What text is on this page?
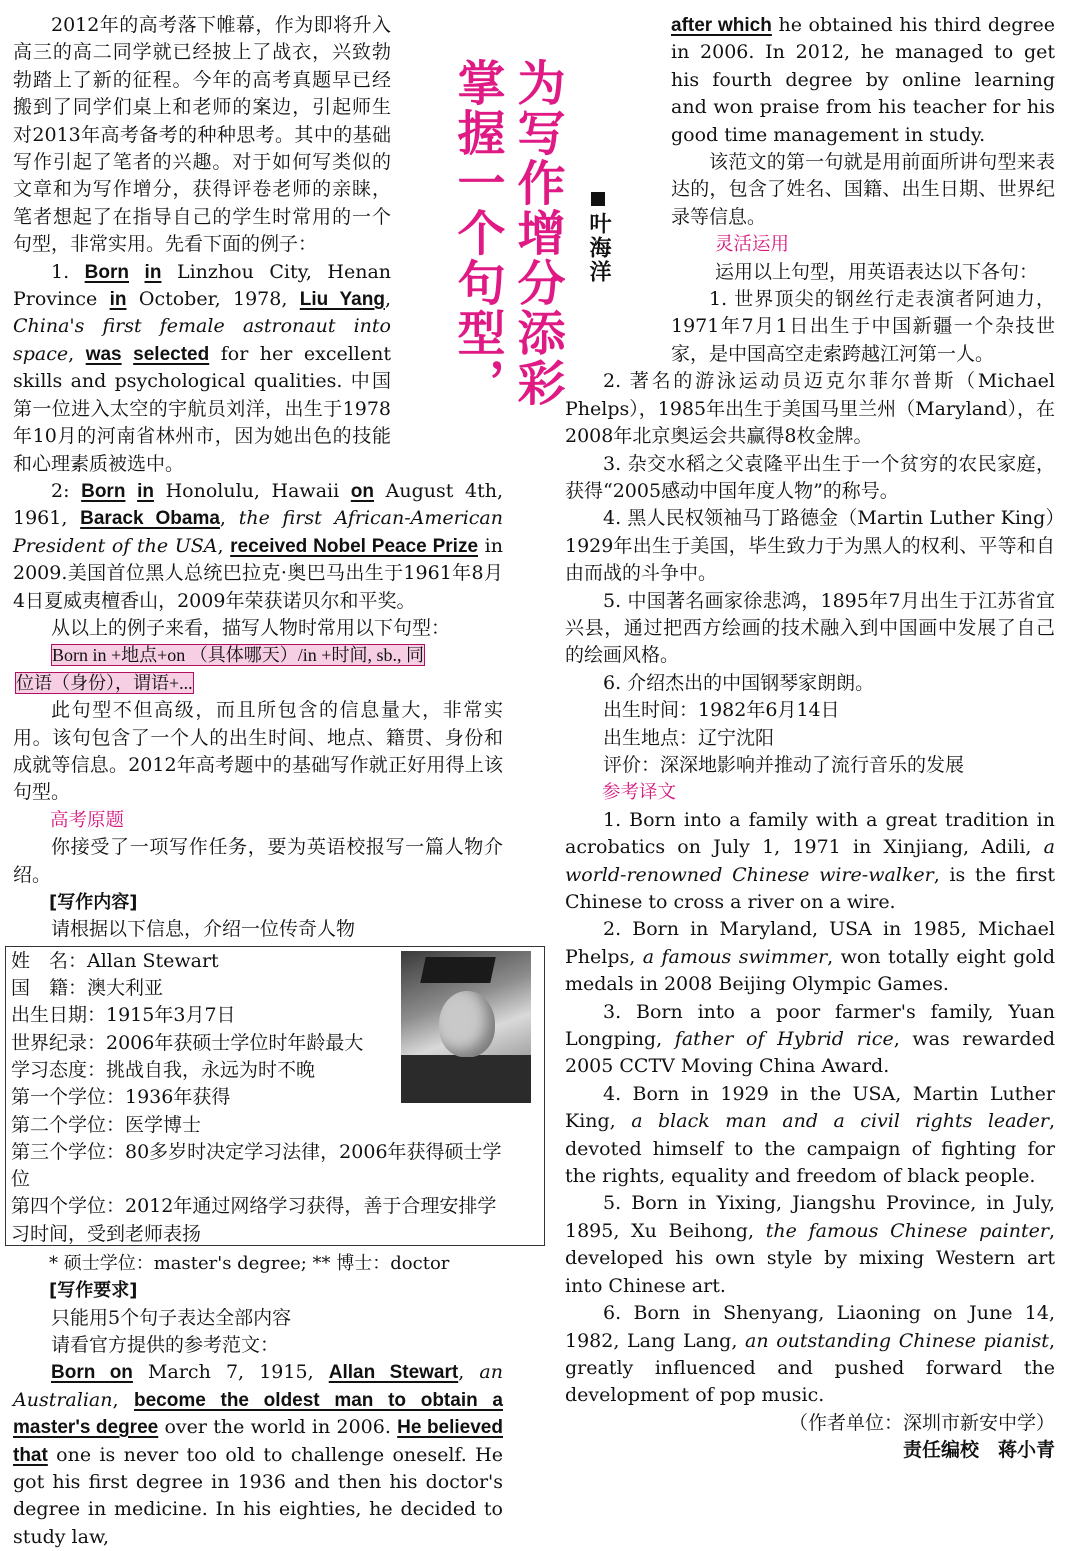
为写作增分添彩
掌握一个句型，	叶海洋

2012年的高考落下帷幕，作为即将升入高三的高二同学就已经披上了战衣，兴致勃勃踏上了新的征程。今年的高考真题早已经搬到了同学们桌上和老师的案边，引起师生对2013年高考备考的种种思考。其中的基础写作引起了笔者的兴趣。对于如何写类似的文章和为写作增分，获得评卷老师的亲睐，笔者想起了在指导自己的学生时常用的一个句型，非常实用。先看下面的例子：

1. Born in Linzhou City, Henan Province in October, 1978, Liu Yang, China's first female astronaut into space, was selected for her excellent skills and psychological qualities. 中国第一位进入太空的宇航员刘洋，出生于1978年10月的河南省林州市，因为她出色的技能和心理素质被选中。

2: Born in Honolulu, Hawaii on August 4th, 1961, Barack Obama, the first African-American President of the USA, received Nobel Peace Prize in 2009.美国首位黑人总统巴拉克·奥巴马出生于1961年8月4日夏威夷檀香山，2009年荣获诺贝尔和平奖。

从以上的例子来看，描写人物时常用以下句型：

Born in +地点+on （具体哪天）/in +时间, sb., 同
位语（身份），谓语+...

此句型不但高级，而且所包含的信息量大，非常实用。该句包含了一个人的出生时间、地点、籍贯、身份和成就等信息。2012年高考题中的基础写作就正好用得上该句型。

高考原题

你接受了一项写作任务，要为英语校报写一篇人物介绍。

[写作内容]

请根据以下信息，介绍一位传奇人物

姓　名：Allan Stewart
国　籍：澳大利亚
出生日期：1915年3月7日
世界纪录：2006年获硕士学位时年龄最大
学习态度：挑战自我，永远为时不晚
第一个学位：1936年获得
第二个学位：医学博士
第三个学位：80多岁时决定学习法律，2006年获得硕士学位
第四个学位：2012年通过网络学习获得，善于合理安排学习时间，受到老师表扬

* 硕士学位：master's degree; ** 博士：doctor

[写作要求]

只能用5个句子表达全部内容

请看官方提供的参考范文：

Born on March 7, 1915, Allan Stewart, an Australian, become the oldest man to obtain a master's degree over the world in 2006. He believed that one is never too old to challenge oneself. He got his first degree in 1936 and then his doctor's degree in medicine. In his eighties, he decided to study law,

after which he obtained his third degree in 2006. In 2012, he managed to get his fourth degree by online learning and won praise from his teacher for his good time management in study.

该范文的第一句就是用前面所讲句型来表达的，包含了姓名、国籍、出生日期、世界纪录等信息。

灵活运用

运用以上句型，用英语表达以下各句：

1. 世界顶尖的钢丝行走表演者阿迪力，1971年7月1日出生于中国新疆一个杂技世家，是中国高空走索跨越江河第一人。

2. 著名的游泳运动员迈克尔菲尔普斯（Michael Phelps），1985年出生于美国马里兰州（Maryland），在2008年北京奥运会共赢得8枚金牌。

3. 杂交水稻之父袁隆平出生于一个贫穷的农民家庭，获得“2005感动中国年度人物”的称号。

4. 黑人民权领袖马丁路德金（Martin Luther King）1929年出生于美国，毕生致力于为黑人的权利、平等和自由而战的斗争中。

5. 中国著名画家徐悲鸿，1895年7月出生于江苏省宜兴县，通过把西方绘画的技术融入到中国画中发展了自己的绘画风格。

6. 介绍杰出的中国钢琴家朗朗。

出生时间：1982年6月14日

出生地点：辽宁沈阳

评价：深深地影响并推动了流行音乐的发展

参考译文

1. Born into a family with a great tradition in acrobatics on July 1, 1971 in Xinjiang, Adili, a world-renowned Chinese wire-walker, is the first Chinese to cross a river on a wire.

2. Born in Maryland, USA in 1985, Michael Phelps, a famous swimmer, won totally eight gold medals in 2008 Beijing Olympic Games.

3. Born into a poor farmer's family, Yuan Longping, father of Hybrid rice, was rewarded 2005 CCTV Moving China Award.

4. Born in 1929 in the USA, Martin Luther King, a black man and a civil rights leader, devoted himself to the campaign of fighting for the rights, equality and freedom of black people.

5. Born in Yixing, Jiangshu Province, in July, 1895, Xu Beihong, the famous Chinese painter, developed his own style by mixing Western art into Chinese art.

6. Born in Shenyang, Liaoning on June 14, 1982, Lang Lang, an outstanding Chinese pianist, greatly influenced and pushed forward the development of pop music.

（作者单位：深圳市新安中学）

责任编校　蒋小青
